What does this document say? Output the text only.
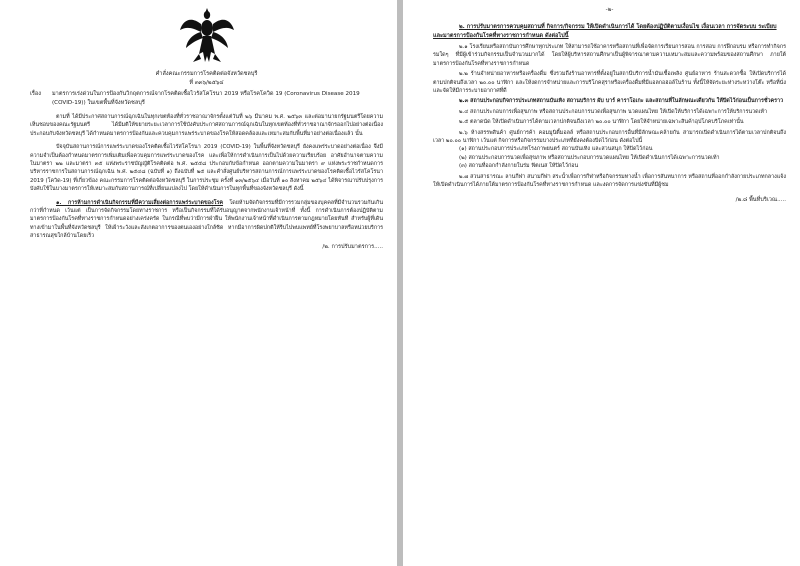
คำสั่งคณะกรรมการโรคติดต่อจังหวัดชลบุรี
ที่ ๓๓๖/๒๕๖๔
เรื่อง	มาตรการเร่งด่วนในการป้องกันวิกฤตการณ์จากโรคติดเชื้อไวรัสโคโรนา 2019 หรือโรคโควิด 19 (Coronavirus Disease 2019 (COVID-19)) ในเขตพื้นที่จังหวัดชลบุรี

ตามที่ ได้มีประกาศสถานการณ์ฉุกเฉินในทุกเขตท้องที่ทั่วราชอาณาจักรตั้งแต่วันที่ ๒๖ มีนาคม พ.ศ. ๒๕๖๓ และต่อมานายกรัฐมนตรีโดยความเห็นชอบของคณะรัฐมนตรี ได้มีมติให้ขยายระยะเวลาการใช้บังคับประกาศสถานการณ์ฉุกเฉินในทุกเขตท้องที่ทั่วราชอาณาจักรออกไปอย่างต่อเนื่อง ประกอบกับจังหวัดชลบุรี ได้กำหนดมาตรการป้องกันและควบคุมการแพร่ระบาดของโรคให้สอดคล้องและเหมาะสมกับพื้นที่มาอย่างต่อเนื่องแล้ว นั้น

ปัจจุบันสถานการณ์การแพร่ระบาดของโรคติดเชื้อไวรัสโคโรนา 2019 (COVID-19) ในพื้นที่จังหวัดชลบุรี ยังคงแพร่ระบาดอย่างต่อเนื่อง จึงมีความจำเป็นต้องกำหนดมาตรการเพิ่มเติมเพื่อควบคุมการแพร่ระบาดของโรค และเพื่อให้การดำเนินการเป็นไปด้วยความเรียบร้อย อาศัยอำนาจตามความในมาตรา ๒๒ และมาตรา ๓๕ แห่งพระราชบัญญัติโรคติดต่อ พ.ศ. ๒๕๕๘ ประกอบกับข้อกำหนด ออกตามความในมาตรา ๙ แห่งพระราชกำหนดการบริหารราชการในสถานการณ์ฉุกเฉิน พ.ศ. ๒๕๔๘ (ฉบับที่ ๑) ถึงฉบับที่ ๒๕ และคำสั่งศูนย์บริหารสถานการณ์การแพร่ระบาดของโรคติดเชื้อไวรัสโคโรนา 2019 (โควิด-19) ที่เกี่ยวข้อง คณะกรรมการโรคติดต่อจังหวัดชลบุรี ในการประชุม ครั้งที่ ๑๓/๒๕๖๔ เมื่อวันที่ ๑๐ สิงหาคม ๒๕๖๔ ได้พิจารณาปรับปรุงการบังคับใช้ในบางมาตรการให้เหมาะสมกับสถานการณ์ที่เปลี่ยนแปลงไป โดยให้ดำเนินการในทุกพื้นที่ของจังหวัดชลบุรี ดังนี้

๑. การห้ามการดำเนินกิจกรรมที่มีความเสี่ยงต่อการแพร่ระบาดของโรค โดยห้ามจัดกิจกรรมที่มีการรวมกลุ่มของบุคคลที่มีจำนวนรวมกันเกินกว่าที่กำหนด เว้นแต่ เป็นการจัดกิจกรรมโดยทางราชการ หรือเป็นกิจกรรมที่ได้รับอนุญาตจากพนักงานเจ้าหน้าที่ ทั้งนี้ การดำเนินการต้องปฏิบัติตามมาตรการป้องกันโรคที่ทางราชการกำหนดอย่างเคร่งครัด ในกรณีที่พบว่ามีการฝ่าฝืน ให้พนักงานเจ้าหน้าที่ดำเนินการตามกฎหมายโดยทันที สำหรับผู้ที่เดินทางเข้ามาในพื้นที่จังหวัดชลบุรี ให้เฝ้าระวังและสังเกตอาการของตนเองอย่างใกล้ชิด หากมีอาการผิดปกติให้รีบไปพบแพทย์ที่โรงพยาบาลหรือหน่วยบริการสาธารณสุขใกล้บ้านโดยเร็ว

/๒. การปรับมาตรการ.....
-๒-
๒. การปรับมาตรการควบคุมสถานที่ กิจการ/กิจกรรม ให้เปิดดำเนินการได้ โดยต้องปฏิบัติตามเงื่อนไข เงื่อนเวลา การจัดระบบ ระเบียบ และมาตรการป้องกันโรคที่ทางราชการกำหนด ดังต่อไปนี้

๒.๑ โรงเรียนหรือสถาบันการศึกษาทุกประเภท ให้สามารถใช้อาคารหรือสถานที่เพื่อจัดการเรียนการสอน การสอบ การฝึกอบรม หรือการทำกิจกรรมใดๆ ที่มีผู้เข้าร่วมกิจกรรมเป็นจำนวนมากได้ โดยให้ผู้บริหารสถานศึกษาเป็นผู้พิจารณาตามความเหมาะสมและความพร้อมของสถานศึกษา ภายใต้มาตรการป้องกันโรคที่ทางราชการกำหนด

๒.๒ ร้านจำหน่ายอาหารหรือเครื่องดื่ม ซึ่งรวมถึงร้านอาหารที่ตั้งอยู่ในสถานีบริการน้ำมันเชื้อเพลิง ศูนย์อาหาร ร้านสะดวกซื้อ ให้เปิดบริการได้ตามปกติจนถึงเวลา ๒๐.๐๐ นาฬิกา และให้งดการจำหน่ายและการบริโภคสุราหรือเครื่องดื่มที่มีแอลกอฮอล์ในร้าน ทั้งนี้ให้จัดระยะห่างระหว่างโต๊ะ หรือที่นั่ง และจัดให้มีการระบายอากาศที่ดี

๒.๓ สถานประกอบกิจการประเภทสถานบันเทิง สถานบริการ ผับ บาร์ คาราโอเกะ และสถานที่ในลักษณะเดียวกัน ให้ปิดไว้ก่อนเป็นการชั่วคราว

๒.๔ สถานประกอบการเพื่อสุขภาพ หรือสถานประกอบการนวดเพื่อสุขภาพ นวดแผนไทย ให้เปิดให้บริการได้เฉพาะการให้บริการนวดเท้า

๒.๕ ตลาดนัด ให้เปิดดำเนินการได้ตามเวลาปกติจนถึงเวลา ๒๐.๐๐ นาฬิกา โดยให้จำหน่ายเฉพาะสินค้าอุปโภคบริโภคเท่านั้น

๒.๖ ห้างสรรพสินค้า ศูนย์การค้า คอมมูนิตี้มอลล์ หรือสถานประกอบการอื่นที่มีลักษณะคล้ายกัน สามารถเปิดดำเนินการได้ตามเวลาปกติจนถึงเวลา ๒๐.๐๐ นาฬิกา เว้นแต่ กิจการหรือกิจกรรมบางประเภทที่ยังคงต้องปิดไว้ก่อน ดังต่อไปนี้

(๑) สถานประกอบการประเภทโรงภาพยนตร์ สถานบันเทิง และสวนสนุก ให้ปิดไว้ก่อน

(๒) สถานประกอบการนวดเพื่อสุขภาพ หรือสถานประกอบการนวดแผนไทย ให้เปิดดำเนินการได้เฉพาะการนวดเท้า

(๓) สถานที่ออกกำลังกายในร่ม ฟิตเนส ให้ปิดไว้ก่อน

๒.๗ สวนสาธารณะ ลานกีฬา สนามกีฬา สระน้ำเพื่อการกีฬาหรือกิจกรรมทางน้ำ เพื่อการสันทนาการ หรือสถานที่ออกกำลังกายประเภทกลางแจ้ง ให้เปิดดำเนินการได้ภายใต้มาตรการป้องกันโรคที่ทางราชการกำหนด และงดการจัดการแข่งขันที่มีผู้ชม

/๒.๘ พื้นที่บริเวณ.....
